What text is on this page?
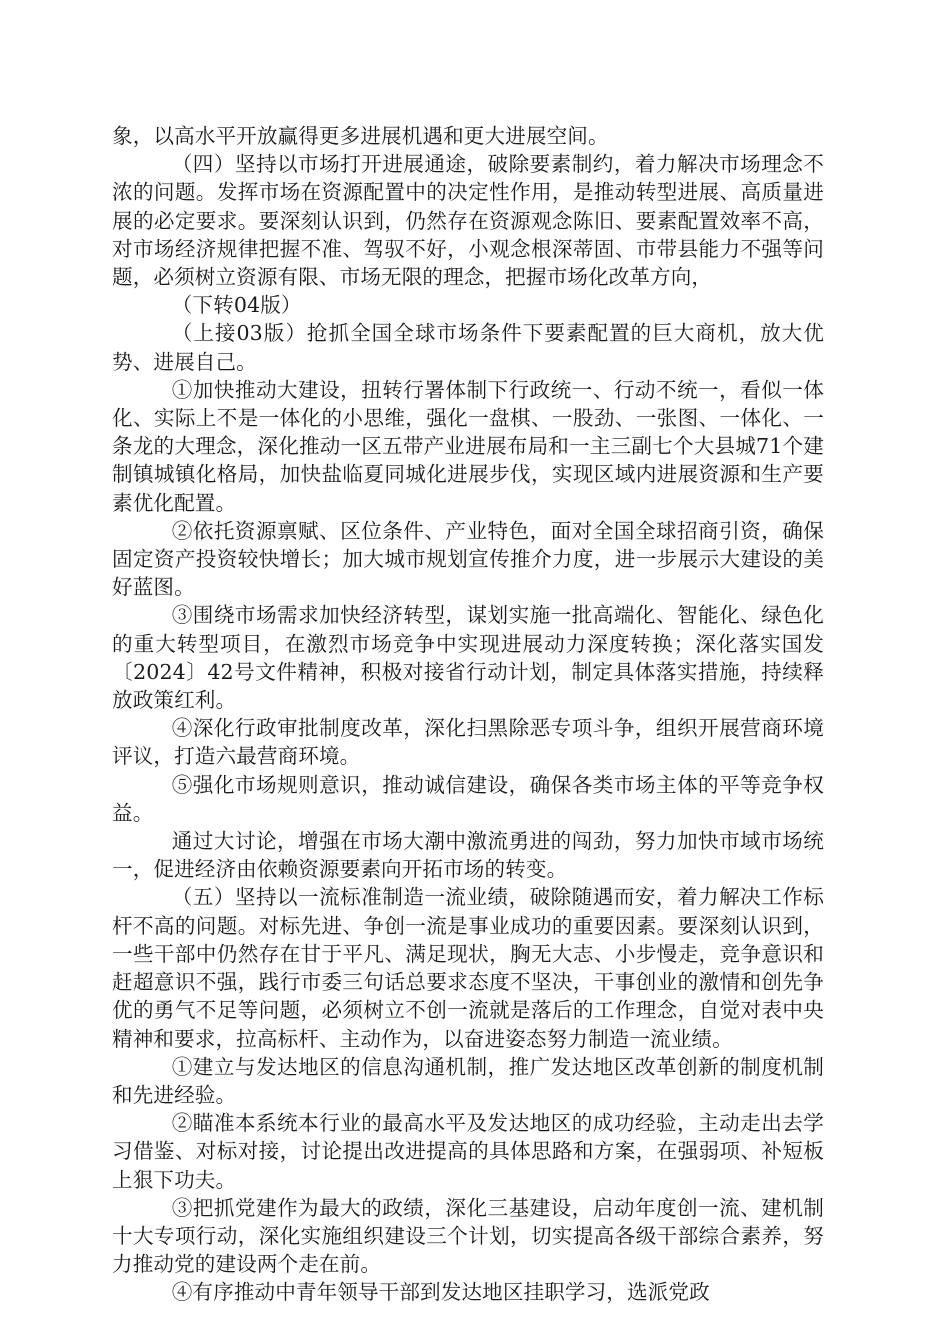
象，以高水平开放赢得更多进展机遇和更大进展空间。

（四）坚持以市场打开进展通途，破除要素制约，着力解决市场理念不浓的问题。发挥市场在资源配置中的决定性作用，是推动转型进展、高质量进展的必定要求。要深刻认识到，仍然存在资源观念陈旧、要素配置效率不高，对市场经济规律把握不准、驾驭不好，小观念根深蒂固、市带县能力不强等问题，必须树立资源有限、市场无限的理念，把握市场化改革方向，

（下转04版）

（上接03版）抢抓全国全球市场条件下要素配置的巨大商机，放大优势、进展自己。

①加快推动大建设，扭转行署体制下行政统一、行动不统一，看似一体化、实际上不是一体化的小思维，强化一盘棋、一股劲、一张图、一体化、一条龙的大理念，深化推动一区五带产业进展布局和一主三副七个大县城71个建制镇城镇化格局，加快盐临夏同城化进展步伐，实现区域内进展资源和生产要素优化配置。

②依托资源禀赋、区位条件、产业特色，面对全国全球招商引资，确保固定资产投资较快增长；加大城市规划宣传推介力度，进一步展示大建设的美好蓝图。

③围绕市场需求加快经济转型，谋划实施一批高端化、智能化、绿色化的重大转型项目，在激烈市场竞争中实现进展动力深度转换；深化落实国发〔2024〕42号文件精神，积极对接省行动计划，制定具体落实措施，持续释放政策红利。

④深化行政审批制度改革，深化扫黑除恶专项斗争，组织开展营商环境评议，打造六最营商环境。

⑤强化市场规则意识，推动诚信建设，确保各类市场主体的平等竞争权益。

通过大讨论，增强在市场大潮中激流勇进的闯劲，努力加快市域市场统一，促进经济由依赖资源要素向开拓市场的转变。

（五）坚持以一流标准制造一流业绩，破除随遇而安，着力解决工作标杆不高的问题。对标先进、争创一流是事业成功的重要因素。要深刻认识到，一些干部中仍然存在甘于平凡、满足现状，胸无大志、小步慢走，竞争意识和赶超意识不强，践行市委三句话总要求态度不坚决，干事创业的激情和创先争优的勇气不足等问题，必须树立不创一流就是落后的工作理念，自觉对表中央精神和要求，拉高标杆、主动作为，以奋进姿态努力制造一流业绩。

①建立与发达地区的信息沟通机制，推广发达地区改革创新的制度机制和先进经验。

②瞄准本系统本行业的最高水平及发达地区的成功经验，主动走出去学习借鉴、对标对接，讨论提出改进提高的具体思路和方案，在强弱项、补短板上狠下功夫。

③把抓党建作为最大的政绩，深化三基建设，启动年度创一流、建机制十大专项行动，深化实施组织建设三个计划，切实提高各级干部综合素养，努力推动党的建设两个走在前。

④有序推动中青年领导干部到发达地区挂职学习，选派党政
